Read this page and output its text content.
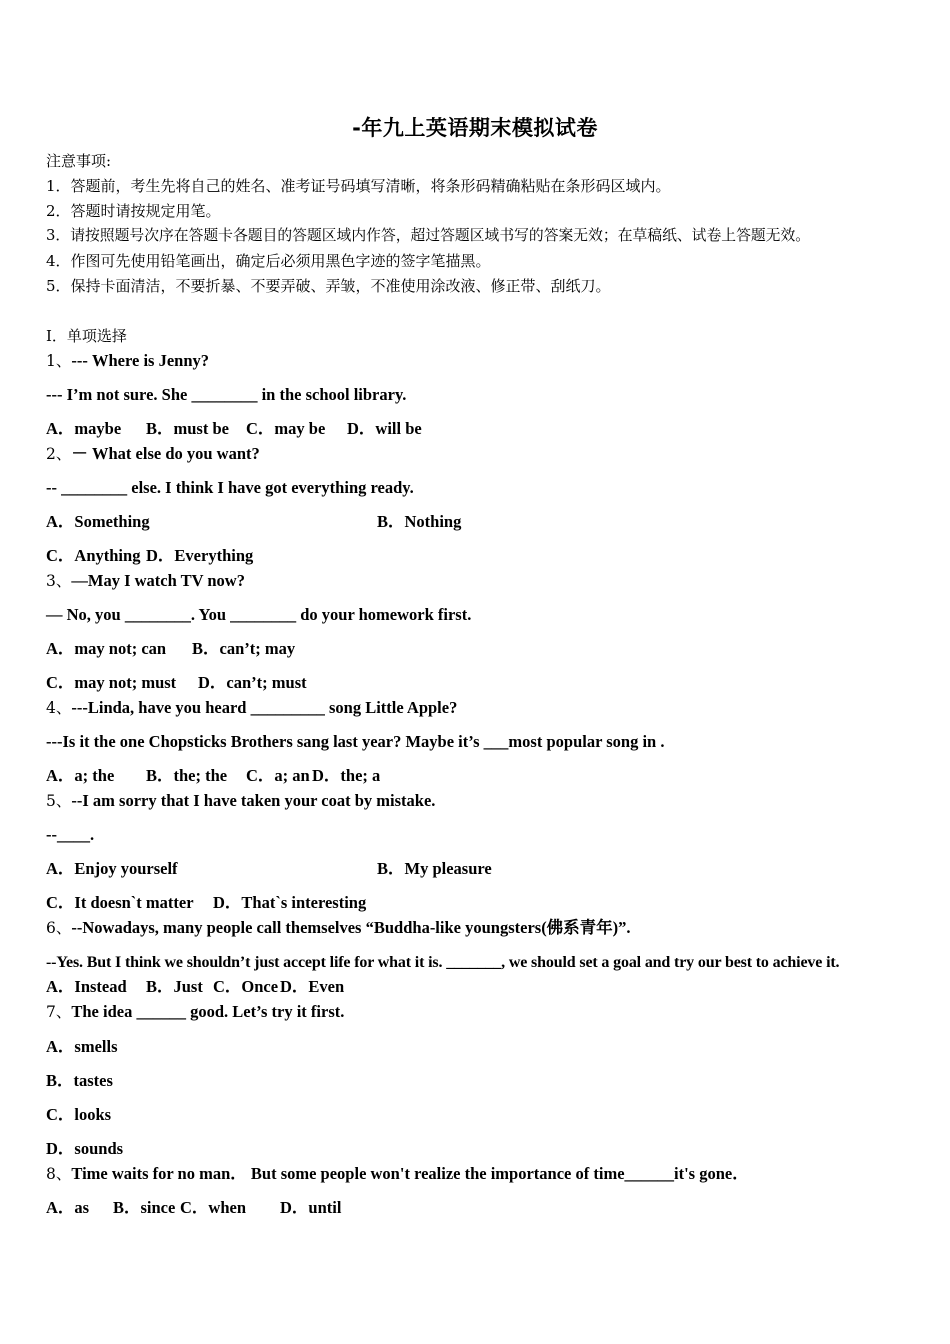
-年九上英语期末模拟试卷
注意事项:
1．答题前，考生先将自己的姓名、准考证号码填写清晰，将条形码精确粘贴在条形码区域内。
2．答题时请按规定用笔。
3．请按照题号次序在答题卡各题目的答题区域内作答，超过答题区域书写的答案无效；在草稿纸、试卷上答题无效。
4．作图可先使用铅笔画出，确定后必须用黑色字迹的签字笔描黑。
5．保持卡面清洁，不要折暴、不要弄破、弄皱，不准使用涂改液、修正带、刮纸刀。
Ⅰ．单项选择
1、--- Where is Jenny?
--- I’m not sure. She ________ in the school library.
A．maybe B．must be C．may be D．will be
2、－ What else do you want?
-- ________ else. I think I have got everything ready.
A．Something	B．Nothing
C．Anything D．Everything
3、—May I watch TV now?
— No, you ________. You ________ do your homework first.
A．may not; can B．can’t; may
C．may not; must D．can’t; must
4、---Linda, have you heard _________ song Little Apple?
---Is it the one Chopsticks Brothers sang last year? Maybe it’s ___most popular song in .
A．a; the B．the; the C．a; an D．the; a
5、--I am sorry that I have taken your coat by mistake.
--____.
A．Enjoy yourself	B．My pleasure
C．It doesn`t matter D．That`s interesting
6、--Nowadays, many people call themselves “Buddha-like youngsters(佛系青年)”.
--Yes. But I think we shouldn’t just accept life for what it is. _______, we should set a goal and try our best to achieve it.
A．Instead B．Just C．Once D．Even
7、The idea ______ good. Let’s try it first.
A．smells
B．tastes
C．looks
D．sounds
8、Time waits for no man． But some people won't realize the importance of time______it's gone．
A．as B．since C．when D．until
